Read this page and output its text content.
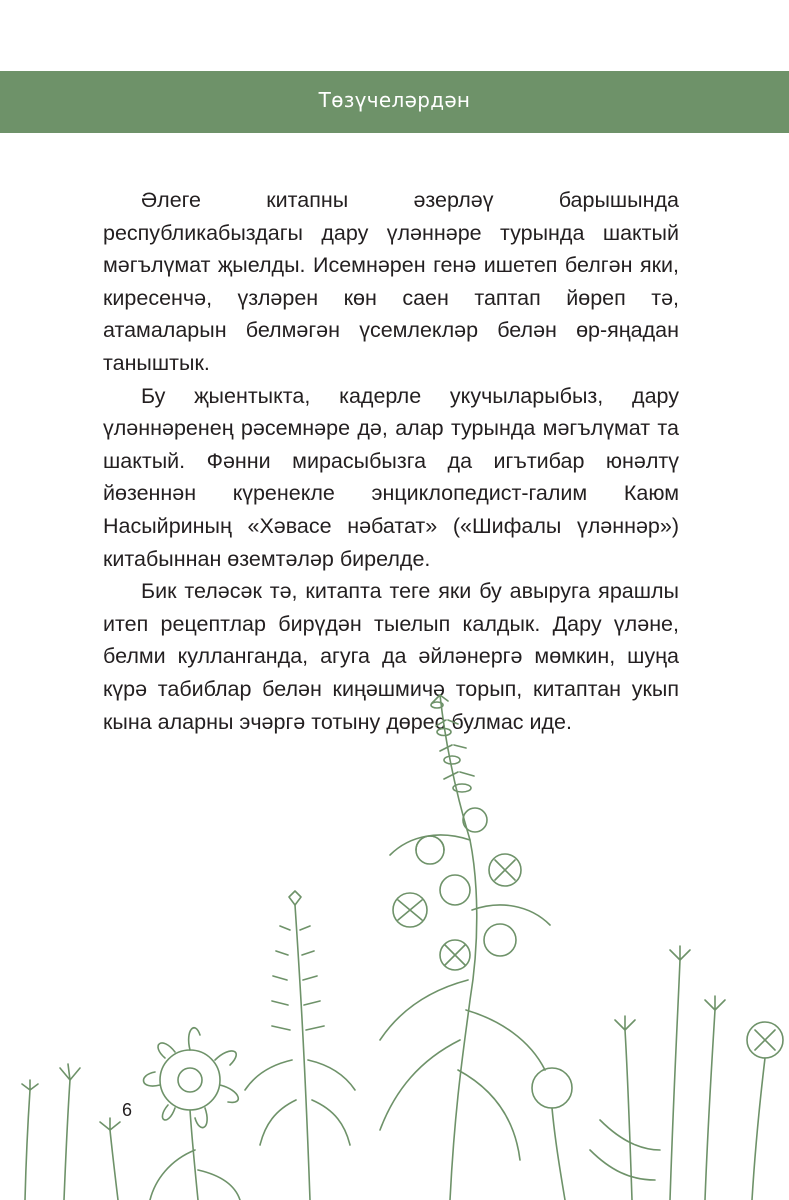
Төзүчеләрдән

Әлеге китапны әзерләү барышында республикабыздагы дару үләннәре турында шактый мәгълүмат җыелды. Исемнәрен генә ишетеп белгән яки, киресенчә, үзләрен көн саен таптап йөреп тә, атамаларын белмәгән үсемлекләр белән өр-яңадан таныштык.

Бу җыентыкта, кадерле укучыларыбыз, дару үләннәренең рәсемнәре дә, алар турында мәгълүмат та шактый. Фәнни мирасыбызга да игътибар юнәлтү йөзеннән күренекле энциклопедист-галим Каюм Насыйриның «Хәвасе нәбатат» («Шифалы үләннәр») китабыннан өземтәләр бирелде.

Бик теләсәк тә, китапта теге яки бу авыруга ярашлы итеп рецептлар бирүдән тыелып калдык. Дару үләне, белми кулланганда, агуга да әйләнергә мөмкин, шуңа күрә табиблар белән киңәшмичә торып, китаптан укып кына аларны эчәргә тотыну дөрес булмас иде.

6
